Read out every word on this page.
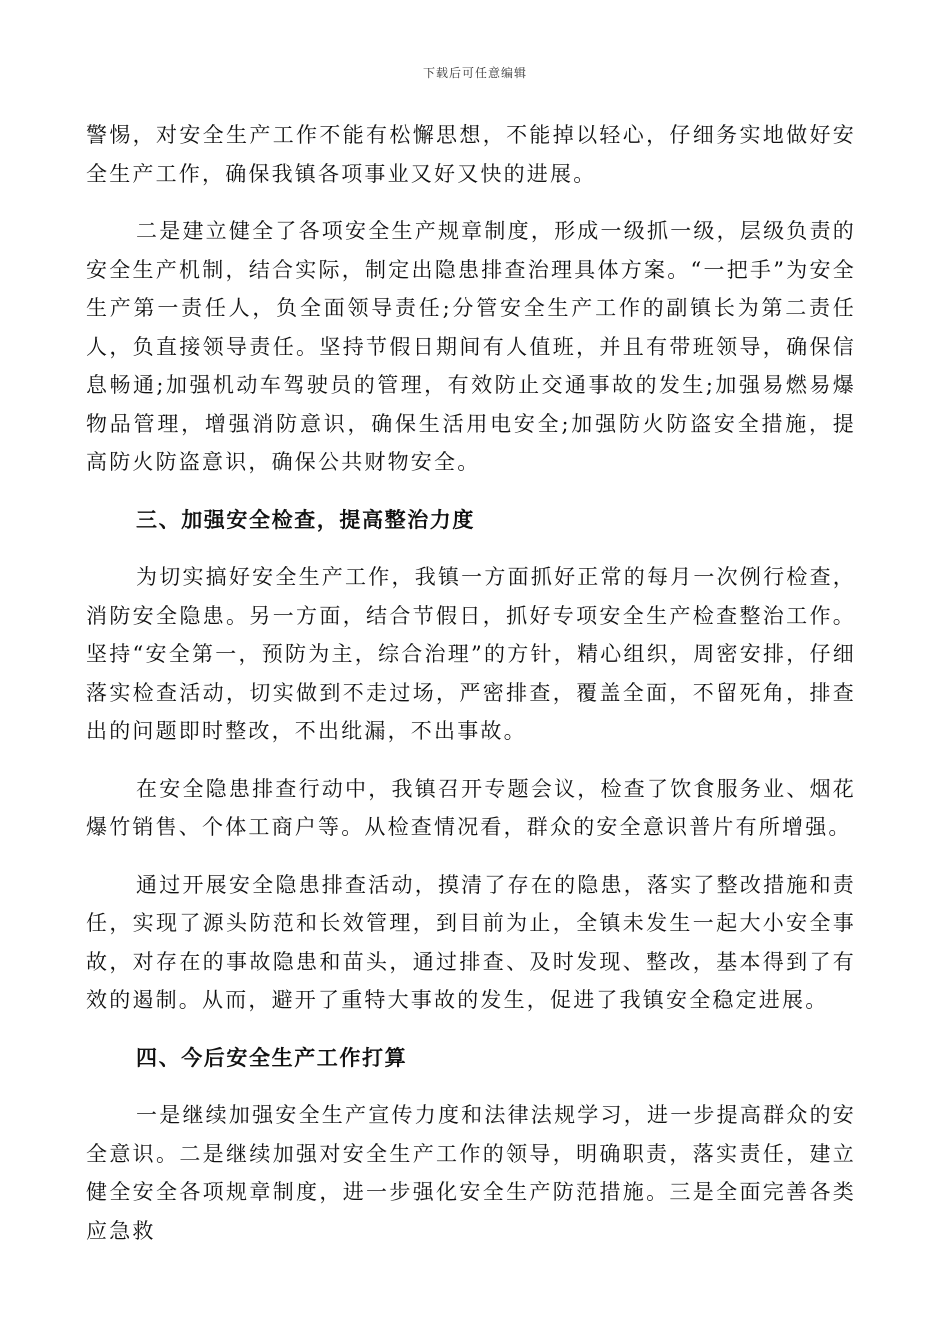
下载后可任意编辑

警惕，对安全生产工作不能有松懈思想，不能掉以轻心，仔细务实地做好安全生产工作，确保我镇各项事业又好又快的进展。

二是建立健全了各项安全生产规章制度，形成一级抓一级，层级负责的安全生产机制，结合实际，制定出隐患排查治理具体方案。“一把手”为安全生产第一责任人，负全面领导责任;分管安全生产工作的副镇长为第二责任人，负直接领导责任。坚持节假日期间有人值班，并且有带班领导，确保信息畅通;加强机动车驾驶员的管理，有效防止交通事故的发生;加强易燃易爆物品管理，增强消防意识，确保生活用电安全;加强防火防盗安全措施，提高防火防盗意识，确保公共财物安全。

三、加强安全检查，提高整治力度

为切实搞好安全生产工作，我镇一方面抓好正常的每月一次例行检查，消防安全隐患。另一方面，结合节假日，抓好专项安全生产检查整治工作。坚持“安全第一，预防为主，综合治理”的方针，精心组织，周密安排，仔细落实检查活动，切实做到不走过场，严密排查，覆盖全面，不留死角，排查出的问题即时整改，不出纰漏，不出事故。

在安全隐患排查行动中，我镇召开专题会议，检查了饮食服务业、烟花爆竹销售、个体工商户等。从检查情况看，群众的安全意识普片有所增强。

通过开展安全隐患排查活动，摸清了存在的隐患，落实了整改措施和责任，实现了源头防范和长效管理，到目前为止，全镇未发生一起大小安全事故，对存在的事故隐患和苗头，通过排查、及时发现、整改，基本得到了有效的遏制。从而，避开了重特大事故的发生，促进了我镇安全稳定进展。

四、今后安全生产工作打算

一是继续加强安全生产宣传力度和法律法规学习，进一步提高群众的安全意识。二是继续加强对安全生产工作的领导，明确职责，落实责任，建立健全安全各项规章制度，进一步强化安全生产防范措施。三是全面完善各类应急救
